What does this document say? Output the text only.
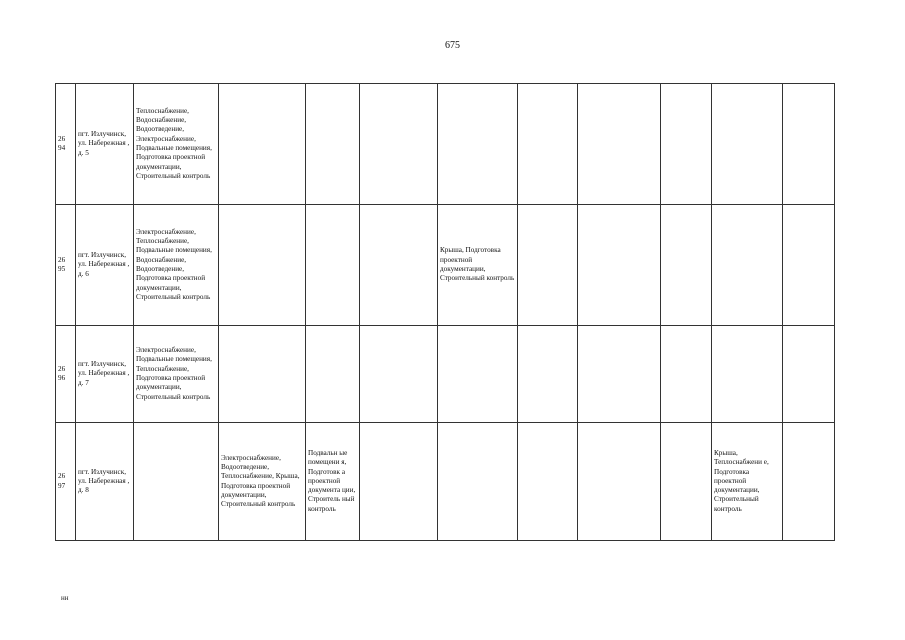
675
26 94	пгт. Излучинск, ул. Набережная , д. 5	Теплоснабжение, Водоснабжение, Водоотведение, Электроснабжение, Подвальные помещения, Подготовка проектной документации, Строительный контроль									
26 95	пгт. Излучинск, ул. Набережная , д. 6	Электроснабжение, Теплоснабжение, Подвальные помещения, Водоснабжение, Водоотведение, Подготовка проектной документации, Строительный контроль				Крыша, Подготовка проектной документации, Строительный контроль					
26 96	пгт. Излучинск, ул. Набережная , д. 7	Электроснабжение, Подвальные помещения, Теплоснабжение, Подготовка проектной документации, Строительный контроль									
26 97	пгт. Излучинск, ул. Набережная , д. 8		Электроснабжение, Водоотведение, Теплоснабжение, Крыша, Подготовка проектной документации, Строительный контроль	Подвальн ые помещени я, Подготовк а проектной документа ции, Строитель ный контроль						Крыша, Теплоснабжени е, Подготовка проектной документации, Строительный контроль	
нн
